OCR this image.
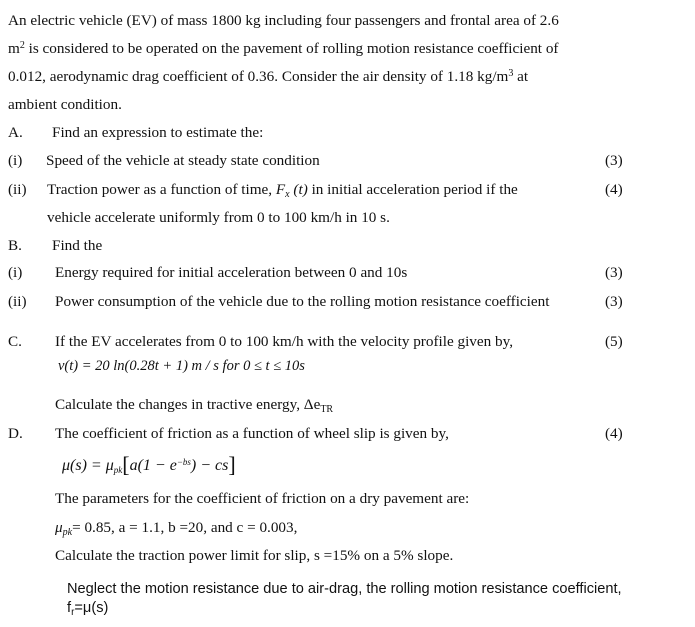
An electric vehicle (EV) of mass 1800 kg including four passengers and frontal area of 2.6
$m^2$ is considered to be operated on the pavement of rolling motion resistance coefficient of
0.012, aerodynamic drag coefficient of 0.36. Consider the air density of 1.18 $kg/m^3$ at
ambient condition.
A. Find an expression to estimate the:
(i) Speed of the vehicle at steady state condition	(3)
(ii) Traction power as a function of time, $F_x$ (t) in initial acceleration period if the	(4)
vehicle accelerate uniformly from 0 to 100 km/h in 10 s.
B. Find the
(i) Energy required for initial acceleration between 0 and 10s	(3)
(ii) Power consumption of the vehicle due to the rolling motion resistance coefficient	(3)
C. If the EV accelerates from 0 to 100 km/h with the velocity profile given by,	(5)
v(t) = 20 ln(0.28t + 1) m / s for 0 ≤ t ≤ 10s
Calculate the changes in tractive energy, $\Delta e_{TR}$
D. The coefficient of friction as a function of wheel slip is given by,	(4)
$\mu(s) = \mu_{pk}[a(1 - e^{-bs}) - cs]$
The parameters for the coefficient of friction on a dry pavement are:
$\mu_{pk}= 0.85$, a = 1.1, b =20, and c = 0.003,
Calculate the traction power limit for slip, s =15% on a 5% slope.
Neglect the motion resistance due to air-drag, the rolling motion resistance coefficient,
$f_r=\mu(s)$
